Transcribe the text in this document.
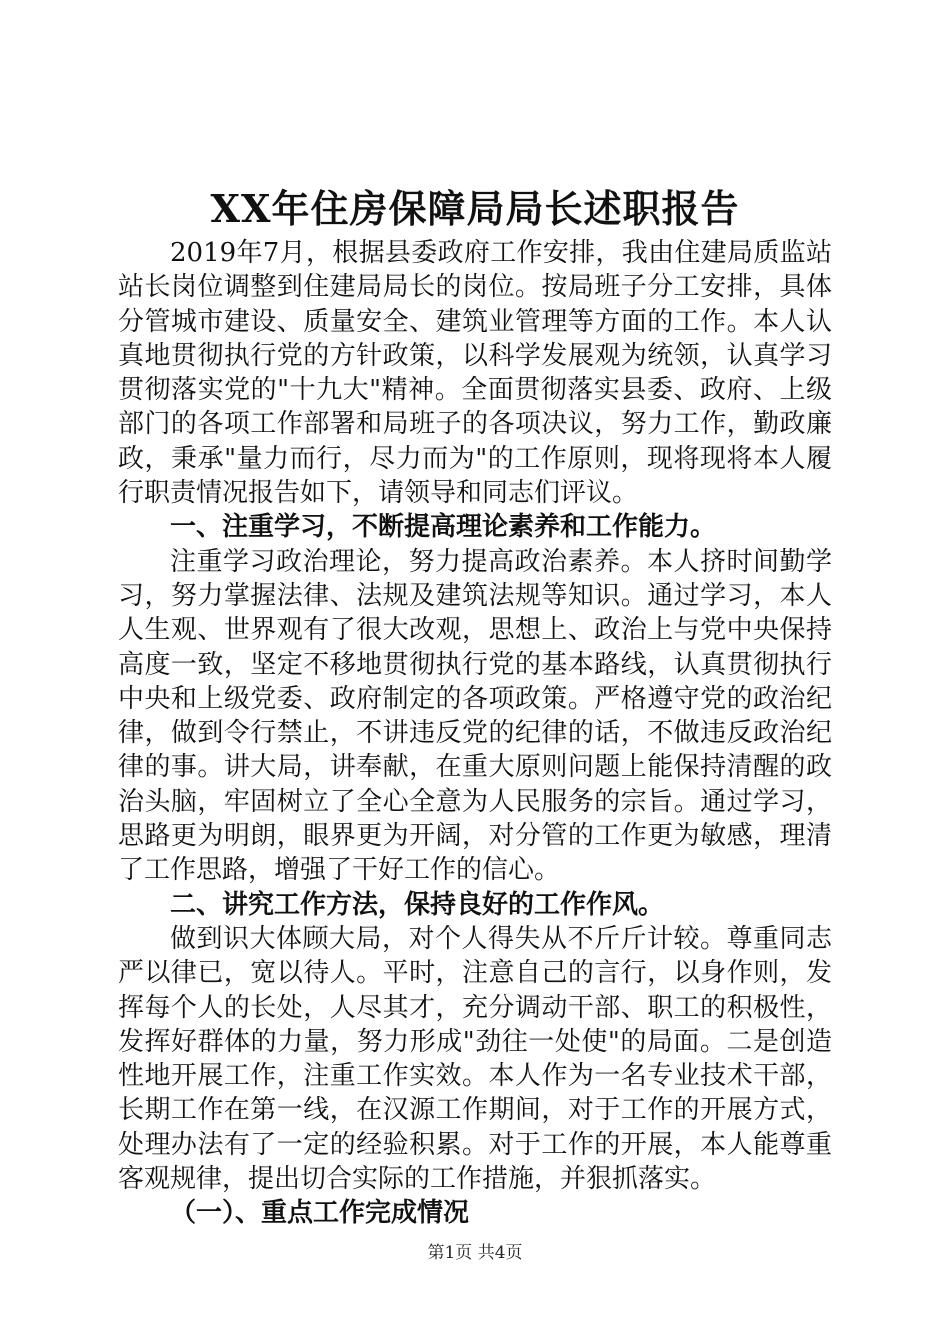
XX年住房保障局局长述职报告

2019年7月，根据县委政府工作安排，我由住建局质监站站长岗位调整到住建局局长的岗位。按局班子分工安排，具体分管城市建设、质量安全、建筑业管理等方面的工作。本人认真地贯彻执行党的方针政策，以科学发展观为统领，认真学习贯彻落实党的"十九大"精神。全面贯彻落实县委、政府、上级部门的各项工作部署和局班子的各项决议，努力工作，勤政廉政，秉承"量力而行，尽力而为"的工作原则，现将现将本人履行职责情况报告如下，请领导和同志们评议。

一、注重学习，不断提高理论素养和工作能力。

注重学习政治理论，努力提高政治素养。本人挤时间勤学习，努力掌握法律、法规及建筑法规等知识。通过学习，本人人生观、世界观有了很大改观，思想上、政治上与党中央保持高度一致，坚定不移地贯彻执行党的基本路线，认真贯彻执行中央和上级党委、政府制定的各项政策。严格遵守党的政治纪律，做到令行禁止，不讲违反党的纪律的话，不做违反政治纪律的事。讲大局，讲奉献，在重大原则问题上能保持清醒的政治头脑，牢固树立了全心全意为人民服务的宗旨。通过学习，思路更为明朗，眼界更为开阔，对分管的工作更为敏感，理清了工作思路，增强了干好工作的信心。

二、讲究工作方法，保持良好的工作作风。

做到识大体顾大局，对个人得失从不斤斤计较。尊重同志严以律已，宽以待人。平时，注意自己的言行，以身作则，发挥每个人的长处，人尽其才，充分调动干部、职工的积极性，发挥好群体的力量，努力形成"劲往一处使"的局面。二是创造性地开展工作，注重工作实效。本人作为一名专业技术干部，长期工作在第一线，在汉源工作期间，对于工作的开展方式，处理办法有了一定的经验积累。对于工作的开展，本人能尊重客观规律，提出切合实际的工作措施，并狠抓落实。

（一）、重点工作完成情况

第1页 共4页
